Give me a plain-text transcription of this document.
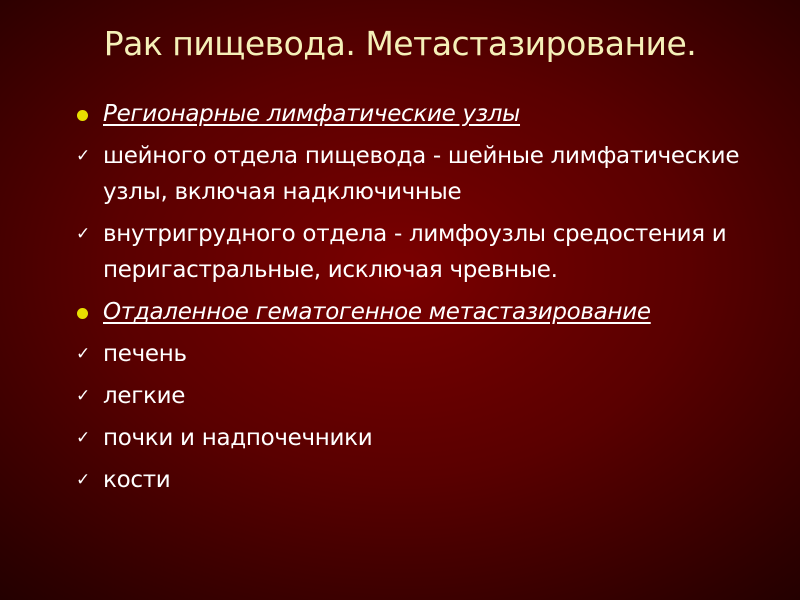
Рак пищевода. Метастазирование.
Регионарные лимфатические узлы
✓ шейного отдела пищевода - шейные лимфатические узлы, включая надключичные
✓ внутригрудного отдела - лимфоузлы средостения и перигастральные, исключая чревные.
Отдаленное гематогенное метастазирование
✓ печень
✓ легкие
✓ почки и надпочечники
✓ кости
